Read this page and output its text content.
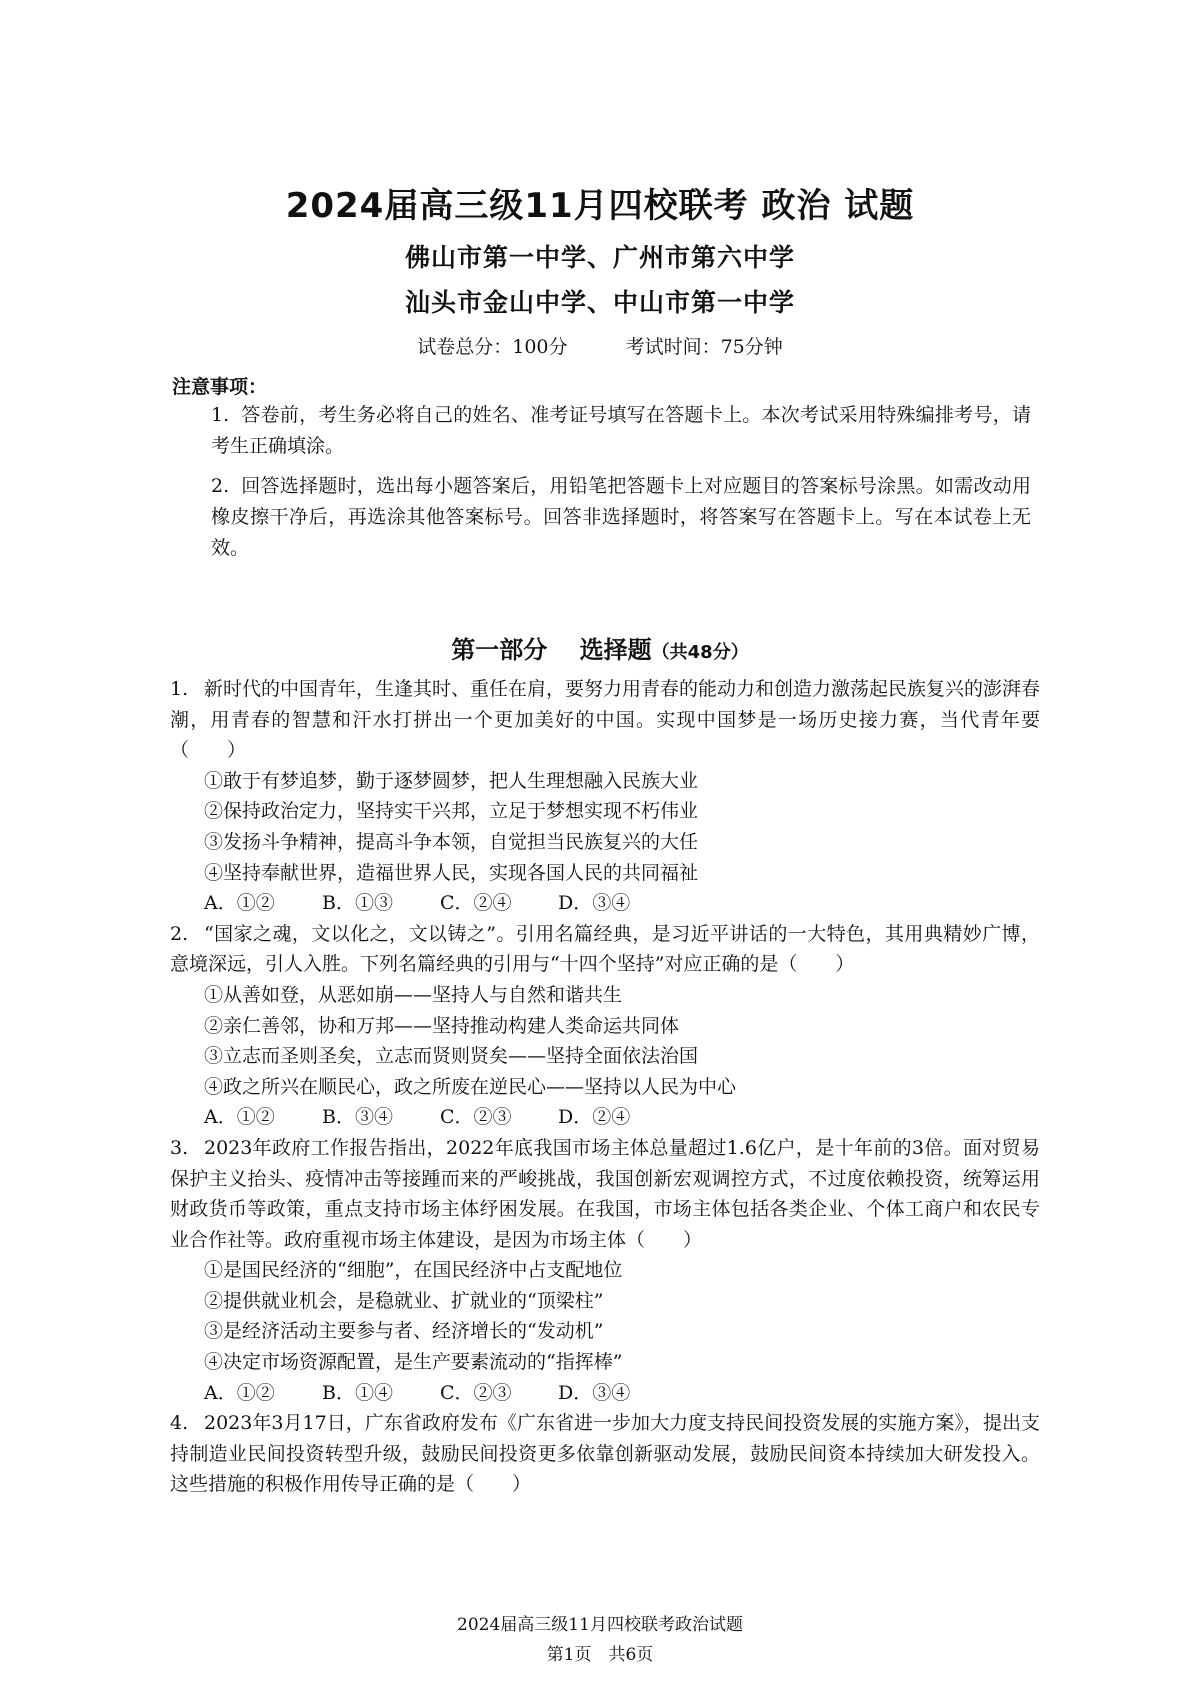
2024届高三级11月四校联考 政治 试题
佛山市第一中学、广州市第六中学
汕头市金山中学、中山市第一中学
试卷总分：100分	考试时间：75分钟
注意事项：
1. 答卷前，考生务必将自己的姓名、准考证号填写在答题卡上。本次考试采用特殊编排考号，请考生正确填涂。
2. 回答选择题时，选出每小题答案后，用铅笔把答题卡上对应题目的答案标号涂黑。如需改动用橡皮擦干净后，再选涂其他答案标号。回答非选择题时，将答案写在答题卡上。写在本试卷上无效。
第一部分　 选择题（共48分）
1. 新时代的中国青年，生逢其时、重任在肩，要努力用青春的能动力和创造力激荡起民族复兴的澎湃春潮，用青春的智慧和汗水打拼出一个更加美好的中国。实现中国梦是一场历史接力赛，当代青年要（　　）
①敢于有梦追梦，勤于逐梦圆梦，把人生理想融入民族大业
②保持政治定力，坚持实干兴邦，立足于梦想实现不朽伟业
③发扬斗争精神，提高斗争本领，自觉担当民族复兴的大任
④坚持奉献世界，造福世界人民，实现各国人民的共同福祉
A．①② B．①③ C．②④ D．③④
2. “国家之魂，文以化之，文以铸之”。引用名篇经典，是习近平讲话的一大特色，其用典精妙广博，意境深远，引人入胜。下列名篇经典的引用与“十四个坚持”对应正确的是（　　）
①从善如登，从恶如崩——坚持人与自然和谐共生
②亲仁善邻，协和万邦——坚持推动构建人类命运共同体
③立志而圣则圣矣，立志而贤则贤矣——坚持全面依法治国
④政之所兴在顺民心，政之所废在逆民心——坚持以人民为中心
A．①② B．③④ C．②③ D．②④
3. 2023年政府工作报告指出，2022年底我国市场主体总量超过1.6亿户，是十年前的3倍。面对贸易保护主义抬头、疫情冲击等接踵而来的严峻挑战，我国创新宏观调控方式，不过度依赖投资，统筹运用财政货币等政策，重点支持市场主体纾困发展。在我国，市场主体包括各类企业、个体工商户和农民专业合作社等。政府重视市场主体建设，是因为市场主体（　　）
①是国民经济的“细胞”，在国民经济中占支配地位
②提供就业机会，是稳就业、扩就业的“顶梁柱”
③是经济活动主要参与者、经济增长的“发动机”
④决定市场资源配置，是生产要素流动的“指挥棒”
A．①② B．①④ C．②③ D．③④
4. 2023年3月17日，广东省政府发布《广东省进一步加大力度支持民间投资发展的实施方案》，提出支持制造业民间投资转型升级，鼓励民间投资更多依靠创新驱动发展，鼓励民间资本持续加大研发投入。这些措施的积极作用传导正确的是（　　）
2024届高三级11月四校联考政治试题
第1页　共6页
